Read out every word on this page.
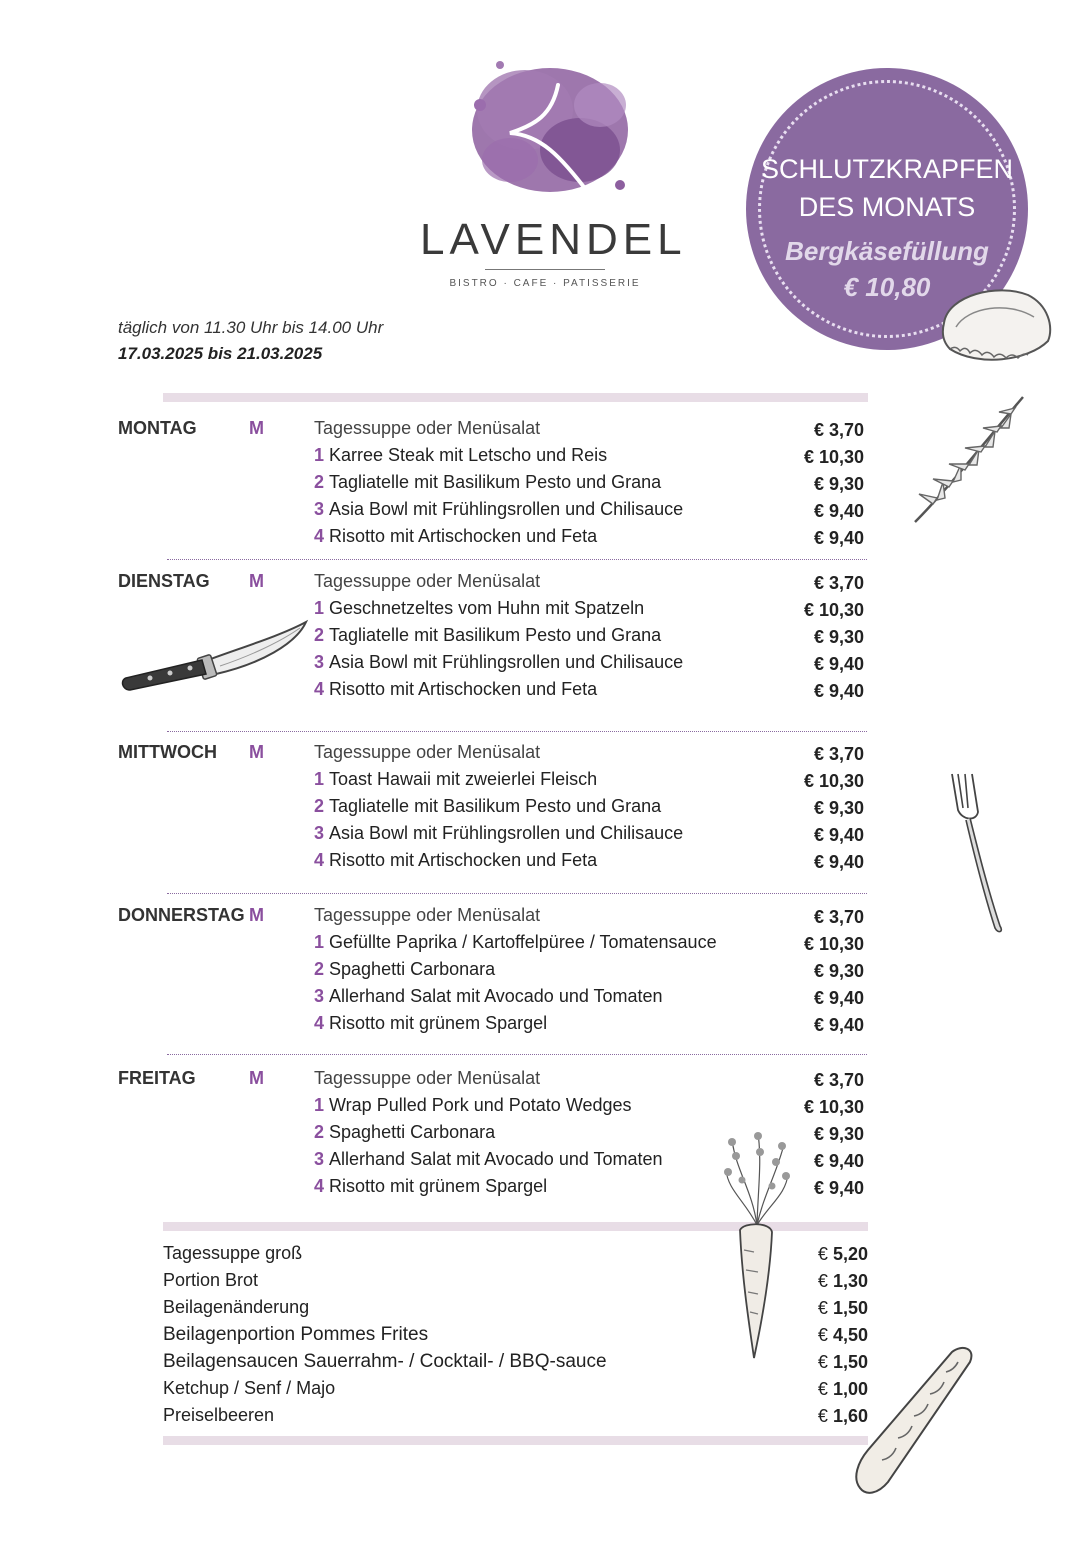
LAVENDEL
BISTRO · CAFE · PATISSERIE
SCHLUTZKRAPFEN
DES MONATS
Bergkäsefüllung
€ 10,80
täglich von 11.30 Uhr bis 14.00 Uhr
17.03.2025 bis 21.03.2025
MONTAG	M	Tagessuppe oder Menüsalat	€ 3,70
1 Karree Steak mit Letscho und Reis	€ 10,30
2 Tagliatelle mit Basilikum Pesto und Grana	€ 9,30
3 Asia Bowl mit Frühlingsrollen und Chilisauce	€ 9,40
4 Risotto mit Artischocken und Feta	€ 9,40
DIENSTAG M	Tagessuppe oder Menüsalat	€ 3,70
1 Geschnetzeltes vom Huhn mit Spatzeln	€ 10,30
2 Tagliatelle mit Basilikum Pesto und Grana	€ 9,30
3 Asia Bowl mit Frühlingsrollen und Chilisauce	€ 9,40
4 Risotto mit Artischocken und Feta	€ 9,40
MITTWOCH M	Tagessuppe oder Menüsalat	€ 3,70
1 Toast Hawaii mit zweierlei Fleisch	€ 10,30
2 Tagliatelle mit Basilikum Pesto und Grana	€ 9,30
3 Asia Bowl mit Frühlingsrollen und Chilisauce	€ 9,40
4 Risotto mit Artischocken und Feta	€ 9,40
DONNERSTAG M	Tagessuppe oder Menüsalat	€ 3,70
1 Gefüllte Paprika / Kartoffelpüree / Tomatensauce	€ 10,30
2 Spaghetti Carbonara	€ 9,30
3 Allerhand Salat mit Avocado und Tomaten	€ 9,40
4 Risotto mit grünem Spargel	€ 9,40
FREITAG	M	Tagessuppe oder Menüsalat	€ 3,70
1 Wrap Pulled Pork und Potato Wedges	€ 10,30
2 Spaghetti Carbonara	€ 9,30
3 Allerhand Salat mit Avocado und Tomaten	€ 9,40
4 Risotto mit grünem Spargel	€ 9,40
Tagessuppe groß	€ 5,20
Portion Brot	€ 1,30
Beilagenänderung	€ 1,50
Beilagenportion Pommes Frites	€ 4,50
Beilagensaucen Sauerrahm- / Cocktail- / BBQ-sauce	€ 1,50
Ketchup / Senf / Majo	€ 1,00
Preiselbeeren	€ 1,60
